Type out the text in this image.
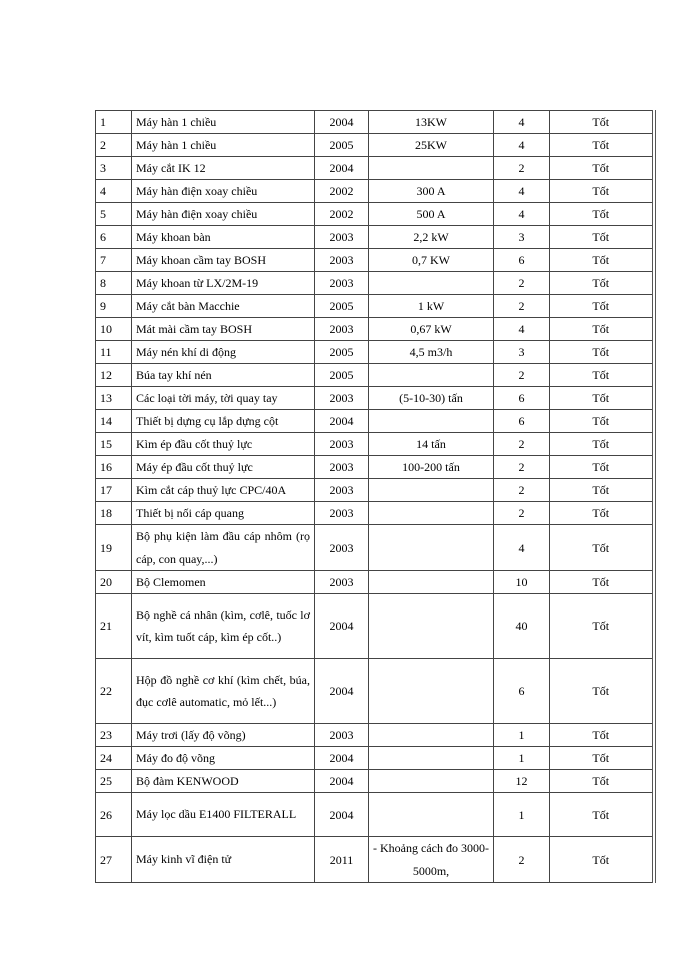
1	Máy hàn 1 chiều	2004	13KW	4	Tốt
2	Máy hàn 1 chiều	2005	25KW	4	Tốt
3	Máy cắt IK 12	2004		2	Tốt
4	Máy hàn điện xoay chiều	2002	300 A	4	Tốt
5	Máy hàn điện xoay chiều	2002	500 A	4	Tốt
6	Máy khoan bàn	2003	2,2 kW	3	Tốt
7	Máy khoan cầm tay BOSH	2003	0,7 KW	6	Tốt
8	Máy khoan từ LX/2M-19	2003		2	Tốt
9	Máy cắt bàn Macchie	2005	1 kW	2	Tốt
10	Mát mài cầm tay BOSH	2003	0,67 kW	4	Tốt
11	Máy nén khí di động	2005	4,5 m3/h	3	Tốt
12	Búa tay khí nén	2005		2	Tốt
13	Các loại tời máy, tời quay tay	2003	(5-10-30) tấn	6	Tốt
14	Thiết bị dựng cụ lắp dựng cột	2004		6	Tốt
15	Kìm ép đầu cốt thuỷ lực	2003	14 tấn	2	Tốt
16	Máy ép đầu cốt thuỷ lực	2003	100-200 tấn	2	Tốt
17	Kìm cắt cáp thuỷ lực CPC/40A	2003		2	Tốt
18	Thiết bị nối cáp quang	2003		2	Tốt
19	Bộ phụ kiện làm đầu cáp nhôm (rọ cáp, con quay,...)	2003		4	Tốt
20	Bộ Clemomen	2003		10	Tốt
21	Bộ nghề cá nhân (kìm, cơlê, tuốc lơ vít, kìm tuốt cáp, kìm ép cốt..)	2004		40	Tốt
22	Hộp đồ nghề cơ khí (kìm chết, búa, đục cơlê automatic, mỏ lết...)	2004		6	Tốt
23	Máy trơi (lấy độ võng)	2003		1	Tốt
24	Máy đo độ võng	2004		1	Tốt
25	Bộ đàm KENWOOD	2004		12	Tốt
26	Máy lọc dầu E1400 FILTERALL	2004		1	Tốt
27	Máy kinh vĩ điện tử	2011	- Khoảng cách đo 3000-5000m,	2	Tốt
